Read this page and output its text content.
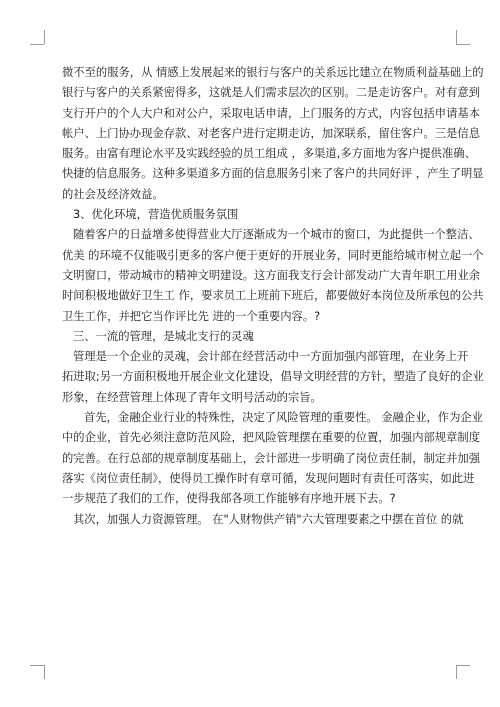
微不至的服务，从 情感上发展起来的银行与客户的关系远比建立在物质利益基础上的
银行与客户的关系紧密得多，这就是人们需求层次的区别。二是走访客户。对有意到
支行开户的个人大户和对公户，采取电话申请，上门服务的方式，内容包括申请基本
帐户、上门协办现金存款、对老客户进行定期走访，加深联系，留住客户。三是信息
服务。由富有理论水平及实践经验的员工组成 ，多渠道,多方面地为客户提供准确、
快捷的信息服务。这种多渠道多方面的信息服务引来了客户的共同好评 ，产生了明显
的社会及经济效益。
3、优化环境，营造优质服务氛围
随着客户的日益增多使得营业大厅逐渐成为一个城市的窗口，为此提供一个整洁、
优美 的环境不仅能吸引更多的客户便于更好的开展业务，同时更能给城市树立起一个
文明窗口，带动城市的精神文明建设。这方面我支行会计部发动广大青年职工用业余
时间积极地做好卫生工 作，要求员工上班前下班后，都要做好本岗位及所承包的公共
卫生工作，并把它当作评比先 进的一个重要内容。?
三、一流的管理，是城北支行的灵魂
管理是一个企业的灵魂，会计部在经营活动中一方面加强内部管理，在业务上开
拓进取;另一方面积极地开展企业文化建设，倡导文明经营的方针，塑造了良好的企业
形象，在经营管理上体现了青年文明号活动的宗旨。
首先，金融企业行业的特殊性，决定了风险管理的重要性。 金融企业，作为企业
中的企业，首先必须注意防范风险，把风险管理摆在重要的位置，加强内部规章制度
的完善。在行总部的规章制度基础上，会计部进一步明确了岗位责任制，制定并加强
落实《岗位责任制》，使得员工操作时有章可循，发现问题时有责任可落实，如此进
一步规范了我们的工作，使得我部各项工作能够有序地开展下去。?
其次，加强人力资源管理。 在"人财物供产销"六大管理要素之中摆在首位 的就
